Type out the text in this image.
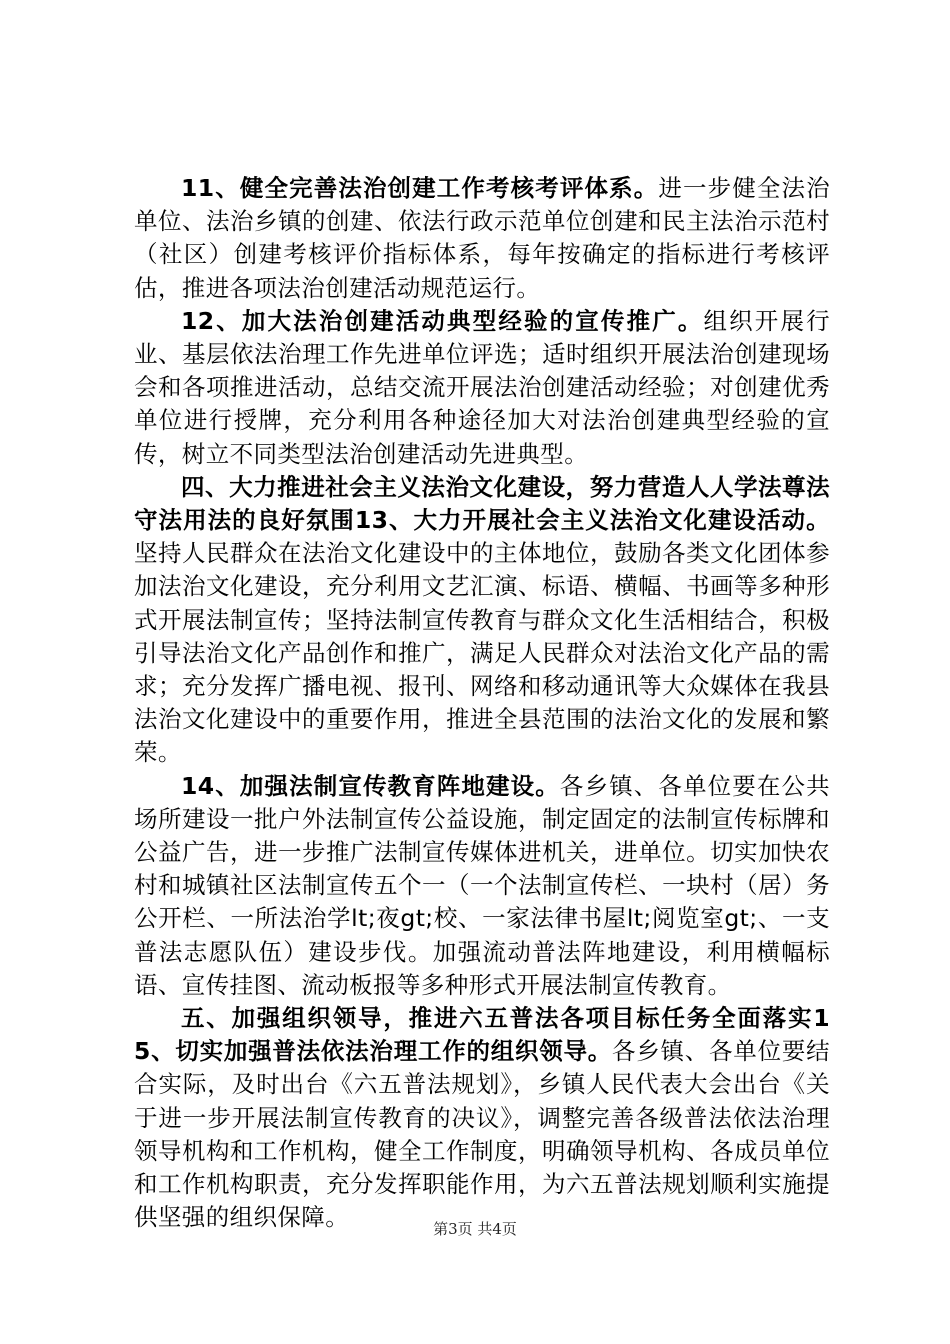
11、健全完善法治创建工作考核考评体系。进一步健全法治单位、法治乡镇的创建、依法行政示范单位创建和民主法治示范村（社区）创建考核评价指标体系，每年按确定的指标进行考核评估，推进各项法治创建活动规范运行。

12、加大法治创建活动典型经验的宣传推广。组织开展行业、基层依法治理工作先进单位评选；适时组织开展法治创建现场会和各项推进活动，总结交流开展法治创建活动经验；对创建优秀单位进行授牌，充分利用各种途径加大对法治创建典型经验的宣传，树立不同类型法治创建活动先进典型。

四、大力推进社会主义法治文化建设，努力营造人人学法尊法守法用法的良好氛围13、大力开展社会主义法治文化建设活动。坚持人民群众在法治文化建设中的主体地位，鼓励各类文化团体参加法治文化建设，充分利用文艺汇演、标语、横幅、书画等多种形式开展法制宣传；坚持法制宣传教育与群众文化生活相结合，积极引导法治文化产品创作和推广，满足人民群众对法治文化产品的需求；充分发挥广播电视、报刊、网络和移动通讯等大众媒体在我县法治文化建设中的重要作用，推进全县范围的法治文化的发展和繁荣。

14、加强法制宣传教育阵地建设。各乡镇、各单位要在公共场所建设一批户外法制宣传公益设施，制定固定的法制宣传标牌和公益广告，进一步推广法制宣传媒体进机关，进单位。切实加快农村和城镇社区法制宣传五个一（一个法制宣传栏、一块村（居）务公开栏、一所法治学lt;夜gt;校、一家法律书屋lt;阅览室gt;、一支普法志愿队伍）建设步伐。加强流动普法阵地建设，利用横幅标语、宣传挂图、流动板报等多种形式开展法制宣传教育。

五、加强组织领导，推进六五普法各项目标任务全面落实15、切实加强普法依法治理工作的组织领导。各乡镇、各单位要结合实际，及时出台《六五普法规划》，乡镇人民代表大会出台《关于进一步开展法制宣传教育的决议》，调整完善各级普法依法治理领导机构和工作机构，健全工作制度，明确领导机构、各成员单位和工作机构职责，充分发挥职能作用，为六五普法规划顺利实施提供坚强的组织保障。	第3页 共4页
